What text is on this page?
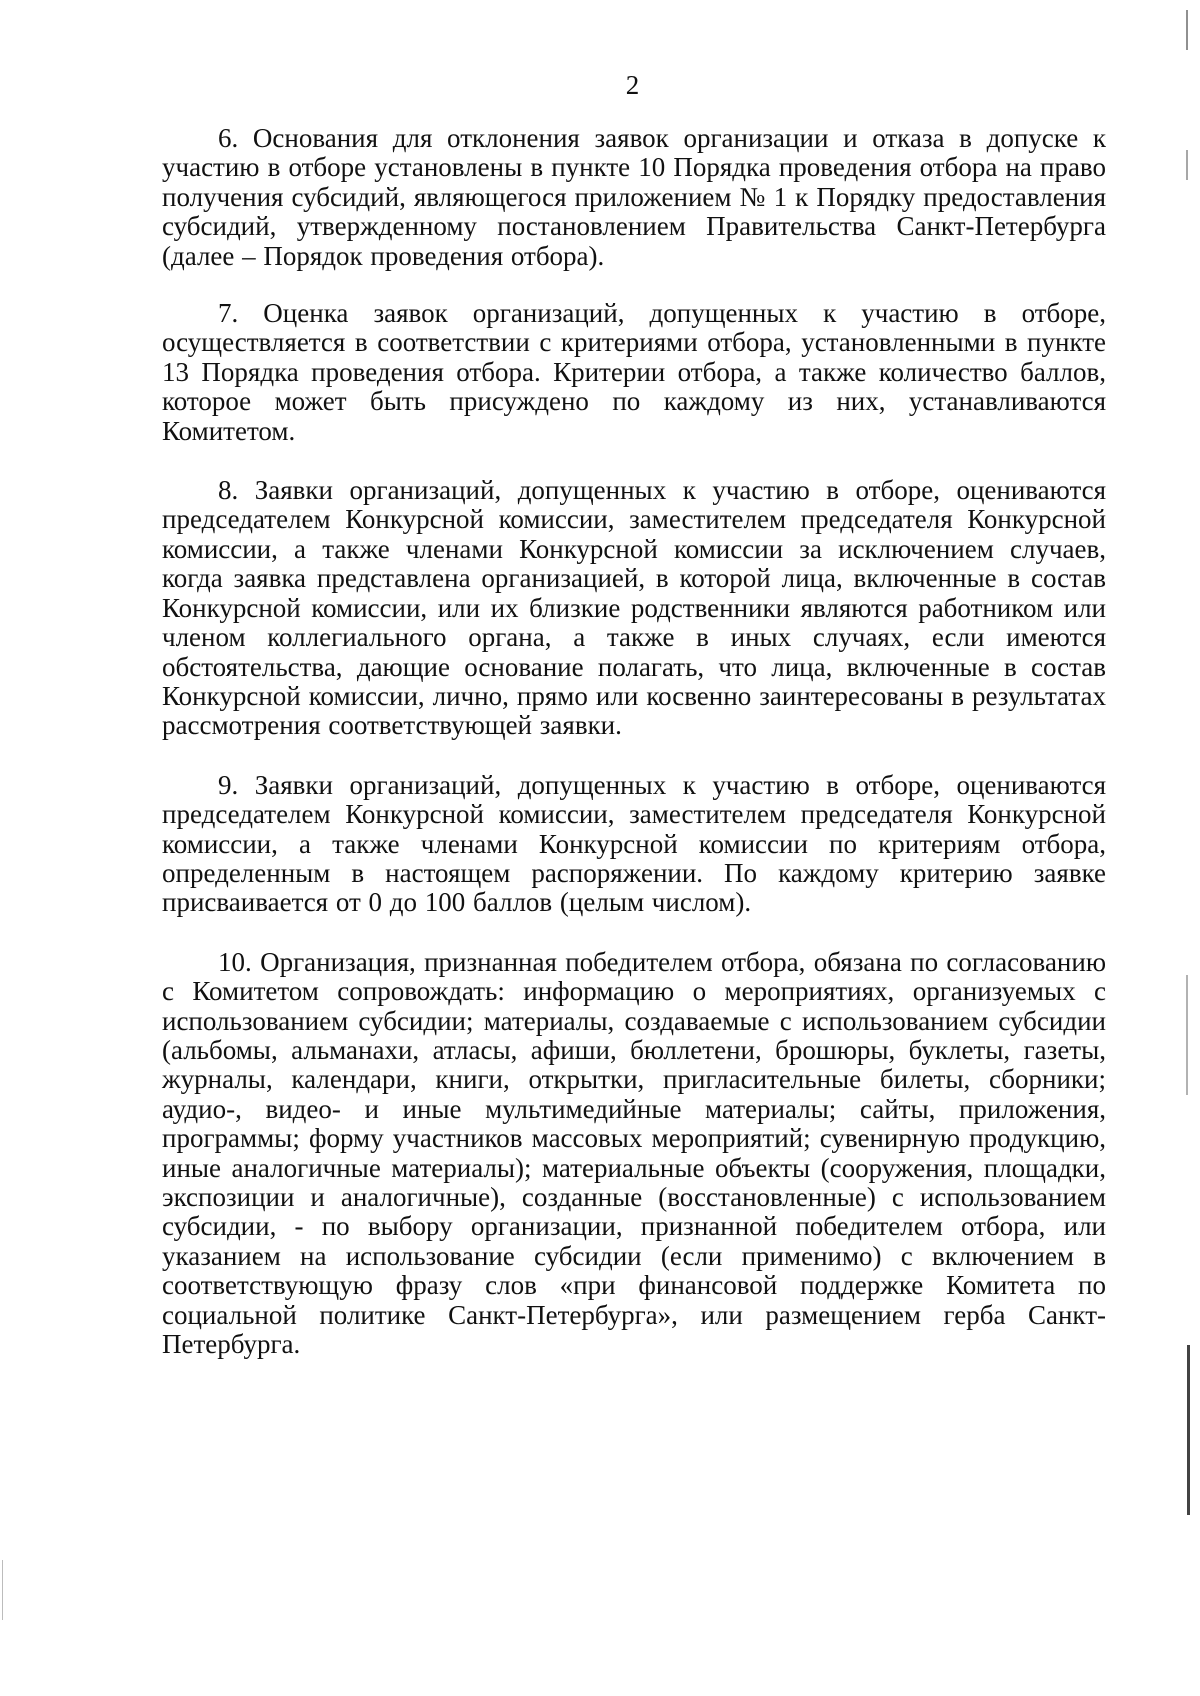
2

6. Основания для отклонения заявок организации и отказа в допуске к участию в отборе установлены в пункте 10 Порядка проведения отбора на право получения субсидий, являющегося приложением № 1 к Порядку предоставления субсидий, утвержденному постановлением Правительства Санкт-Петербурга (далее – Порядок проведения отбора).

7. Оценка заявок организаций, допущенных к участию в отборе, осуществляется в соответствии с критериями отбора, установленными в пункте 13 Порядка проведения отбора. Критерии отбора, а также количество баллов, которое может быть присуждено по каждому из них, устанавливаются Комитетом.

8. Заявки организаций, допущенных к участию в отборе, оцениваются председателем Конкурсной комиссии, заместителем председателя Конкурсной комиссии, а также членами Конкурсной комиссии за исключением случаев, когда заявка представлена организацией, в которой лица, включенные в состав Конкурсной комиссии, или их близкие родственники являются работником или членом коллегиального органа, а также в иных случаях, если имеются обстоятельства, дающие основание полагать, что лица, включенные в состав Конкурсной комиссии, лично, прямо или косвенно заинтересованы в результатах рассмотрения соответствующей заявки.

9. Заявки организаций, допущенных к участию в отборе, оцениваются председателем Конкурсной комиссии, заместителем председателя Конкурсной комиссии, а также членами Конкурсной комиссии по критериям отбора, определенным в настоящем распоряжении. По каждому критерию заявке присваивается от 0 до 100 баллов (целым числом).

10. Организация, признанная победителем отбора, обязана по согласованию с Комитетом сопровождать: информацию о мероприятиях, организуемых с использованием субсидии; материалы, создаваемые с использованием субсидии (альбомы, альманахи, атласы, афиши, бюллетени, брошюры, буклеты, газеты, журналы, календари, книги, открытки, пригласительные билеты, сборники; аудио-, видео- и иные мультимедийные материалы; сайты, приложения, программы; форму участников массовых мероприятий; сувенирную продукцию, иные аналогичные материалы); материальные объекты (сооружения, площадки, экспозиции и аналогичные), созданные (восстановленные) с использованием субсидии, - по выбору организации, признанной победителем отбора, или указанием на использование субсидии (если применимо) с включением в соответствующую фразу слов «при финансовой поддержке Комитета по социальной политике Санкт-Петербурга», или размещением герба Санкт-Петербурга.
